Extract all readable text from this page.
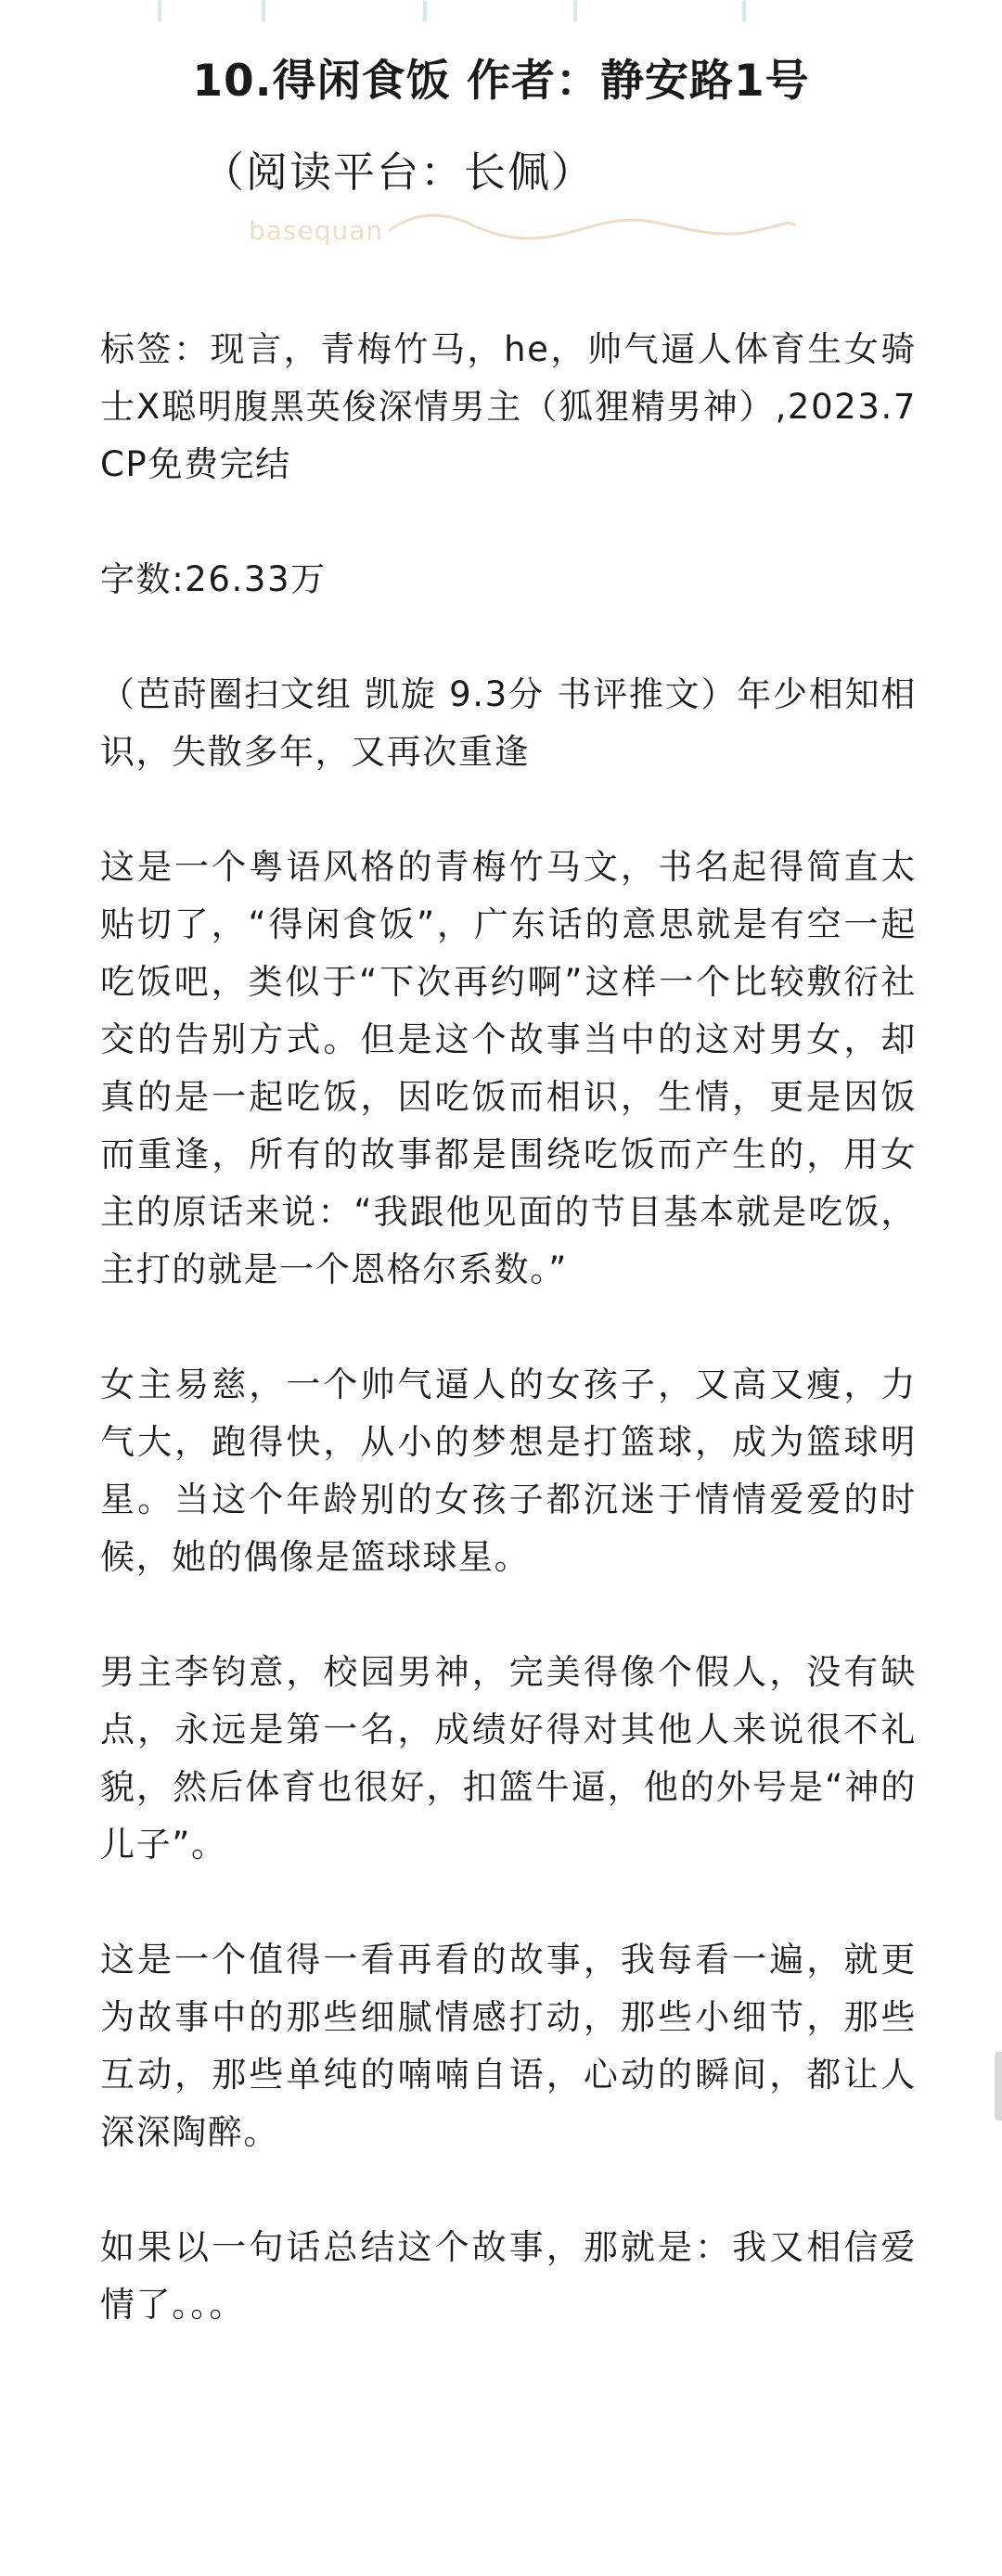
10.得闲食饭 作者：静安路1号
（阅读平台：长佩）
basequan

标签：现言，青梅竹马，he，帅气逼人体育生女骑士X聪明腹黑英俊深情男主（狐狸精男神）,2023.7CP免费完结

字数:26.33万

（芭莳圈扫文组 凯旋 9.3分 书评推文）年少相知相识，失散多年，又再次重逢

这是一个粤语风格的青梅竹马文，书名起得简直太贴切了，“得闲食饭”，广东话的意思就是有空一起吃饭吧，类似于“下次再约啊”这样一个比较敷衍社交的告别方式。但是这个故事当中的这对男女，却真的是一起吃饭，因吃饭而相识，生情，更是因饭而重逢，所有的故事都是围绕吃饭而产生的，用女主的原话来说：“我跟他见面的节目基本就是吃饭，主打的就是一个恩格尔系数。”

女主易慈，一个帅气逼人的女孩子，又高又瘦，力气大，跑得快，从小的梦想是打篮球，成为篮球明星。当这个年龄别的女孩子都沉迷于情情爱爱的时候，她的偶像是篮球球星。

男主李钧意，校园男神，完美得像个假人，没有缺点，永远是第一名，成绩好得对其他人来说很不礼貌，然后体育也很好，扣篮牛逼，他的外号是“神的儿子”。

这是一个值得一看再看的故事，我每看一遍，就更为故事中的那些细腻情感打动，那些小细节，那些互动，那些单纯的喃喃自语，心动的瞬间，都让人深深陶醉。

如果以一句话总结这个故事，那就是：我又相信爱情了。。。
